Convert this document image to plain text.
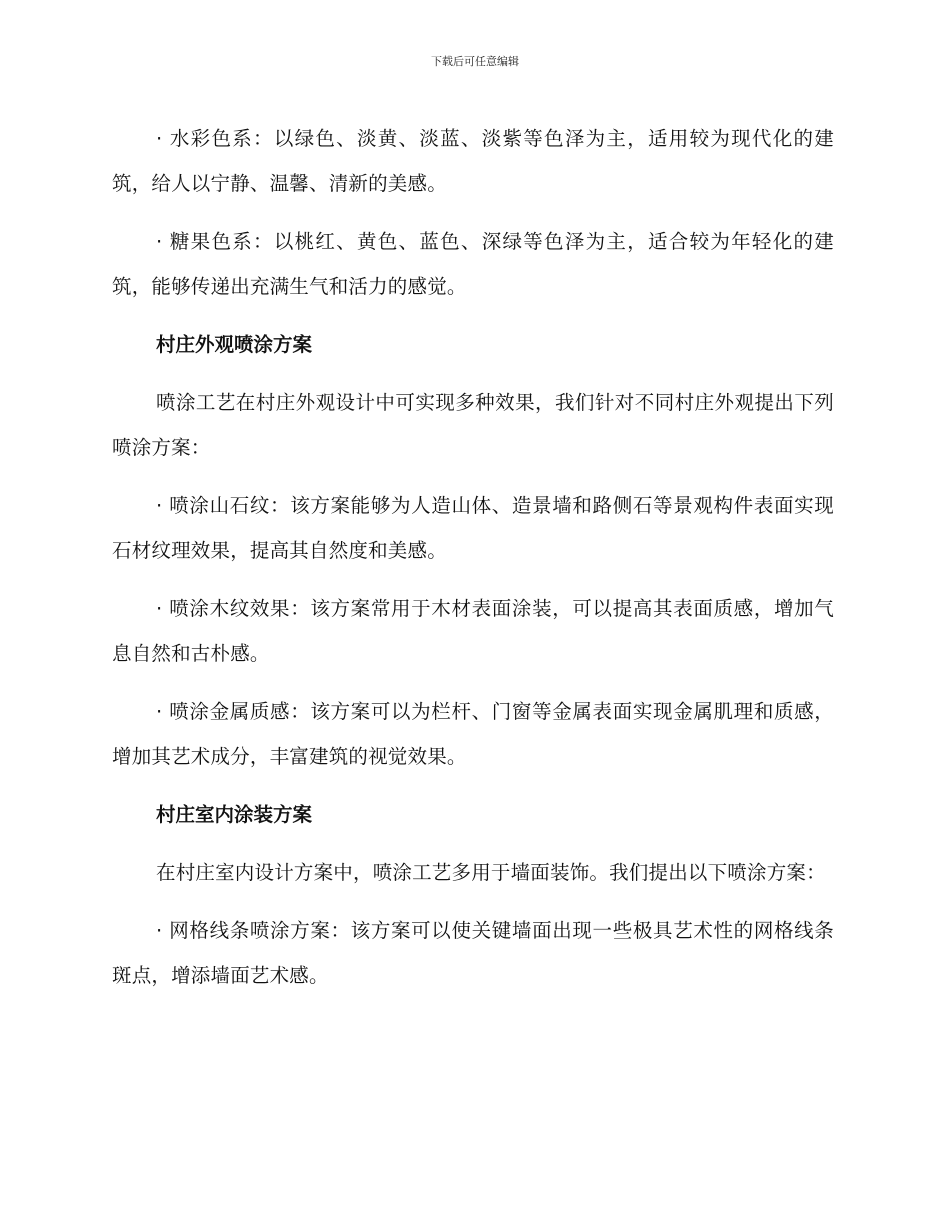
下载后可任意编辑

· 水彩色系：以绿色、淡黄、淡蓝、淡紫等色泽为主，适用较为现代化的建筑，给人以宁静、温馨、清新的美感。

· 糖果色系：以桃红、黄色、蓝色、深绿等色泽为主，适合较为年轻化的建筑，能够传递出充满生气和活力的感觉。

村庄外观喷涂方案

喷涂工艺在村庄外观设计中可实现多种效果，我们针对不同村庄外观提出下列喷涂方案：

· 喷涂山石纹：该方案能够为人造山体、造景墙和路侧石等景观构件表面实现石材纹理效果，提高其自然度和美感。

· 喷涂木纹效果：该方案常用于木材表面涂装，可以提高其表面质感，增加气息自然和古朴感。

· 喷涂金属质感：该方案可以为栏杆、门窗等金属表面实现金属肌理和质感，增加其艺术成分，丰富建筑的视觉效果。

村庄室内涂装方案

在村庄室内设计方案中，喷涂工艺多用于墙面装饰。我们提出以下喷涂方案：

· 网格线条喷涂方案：该方案可以使关键墙面出现一些极具艺术性的网格线条斑点，增添墙面艺术感。
